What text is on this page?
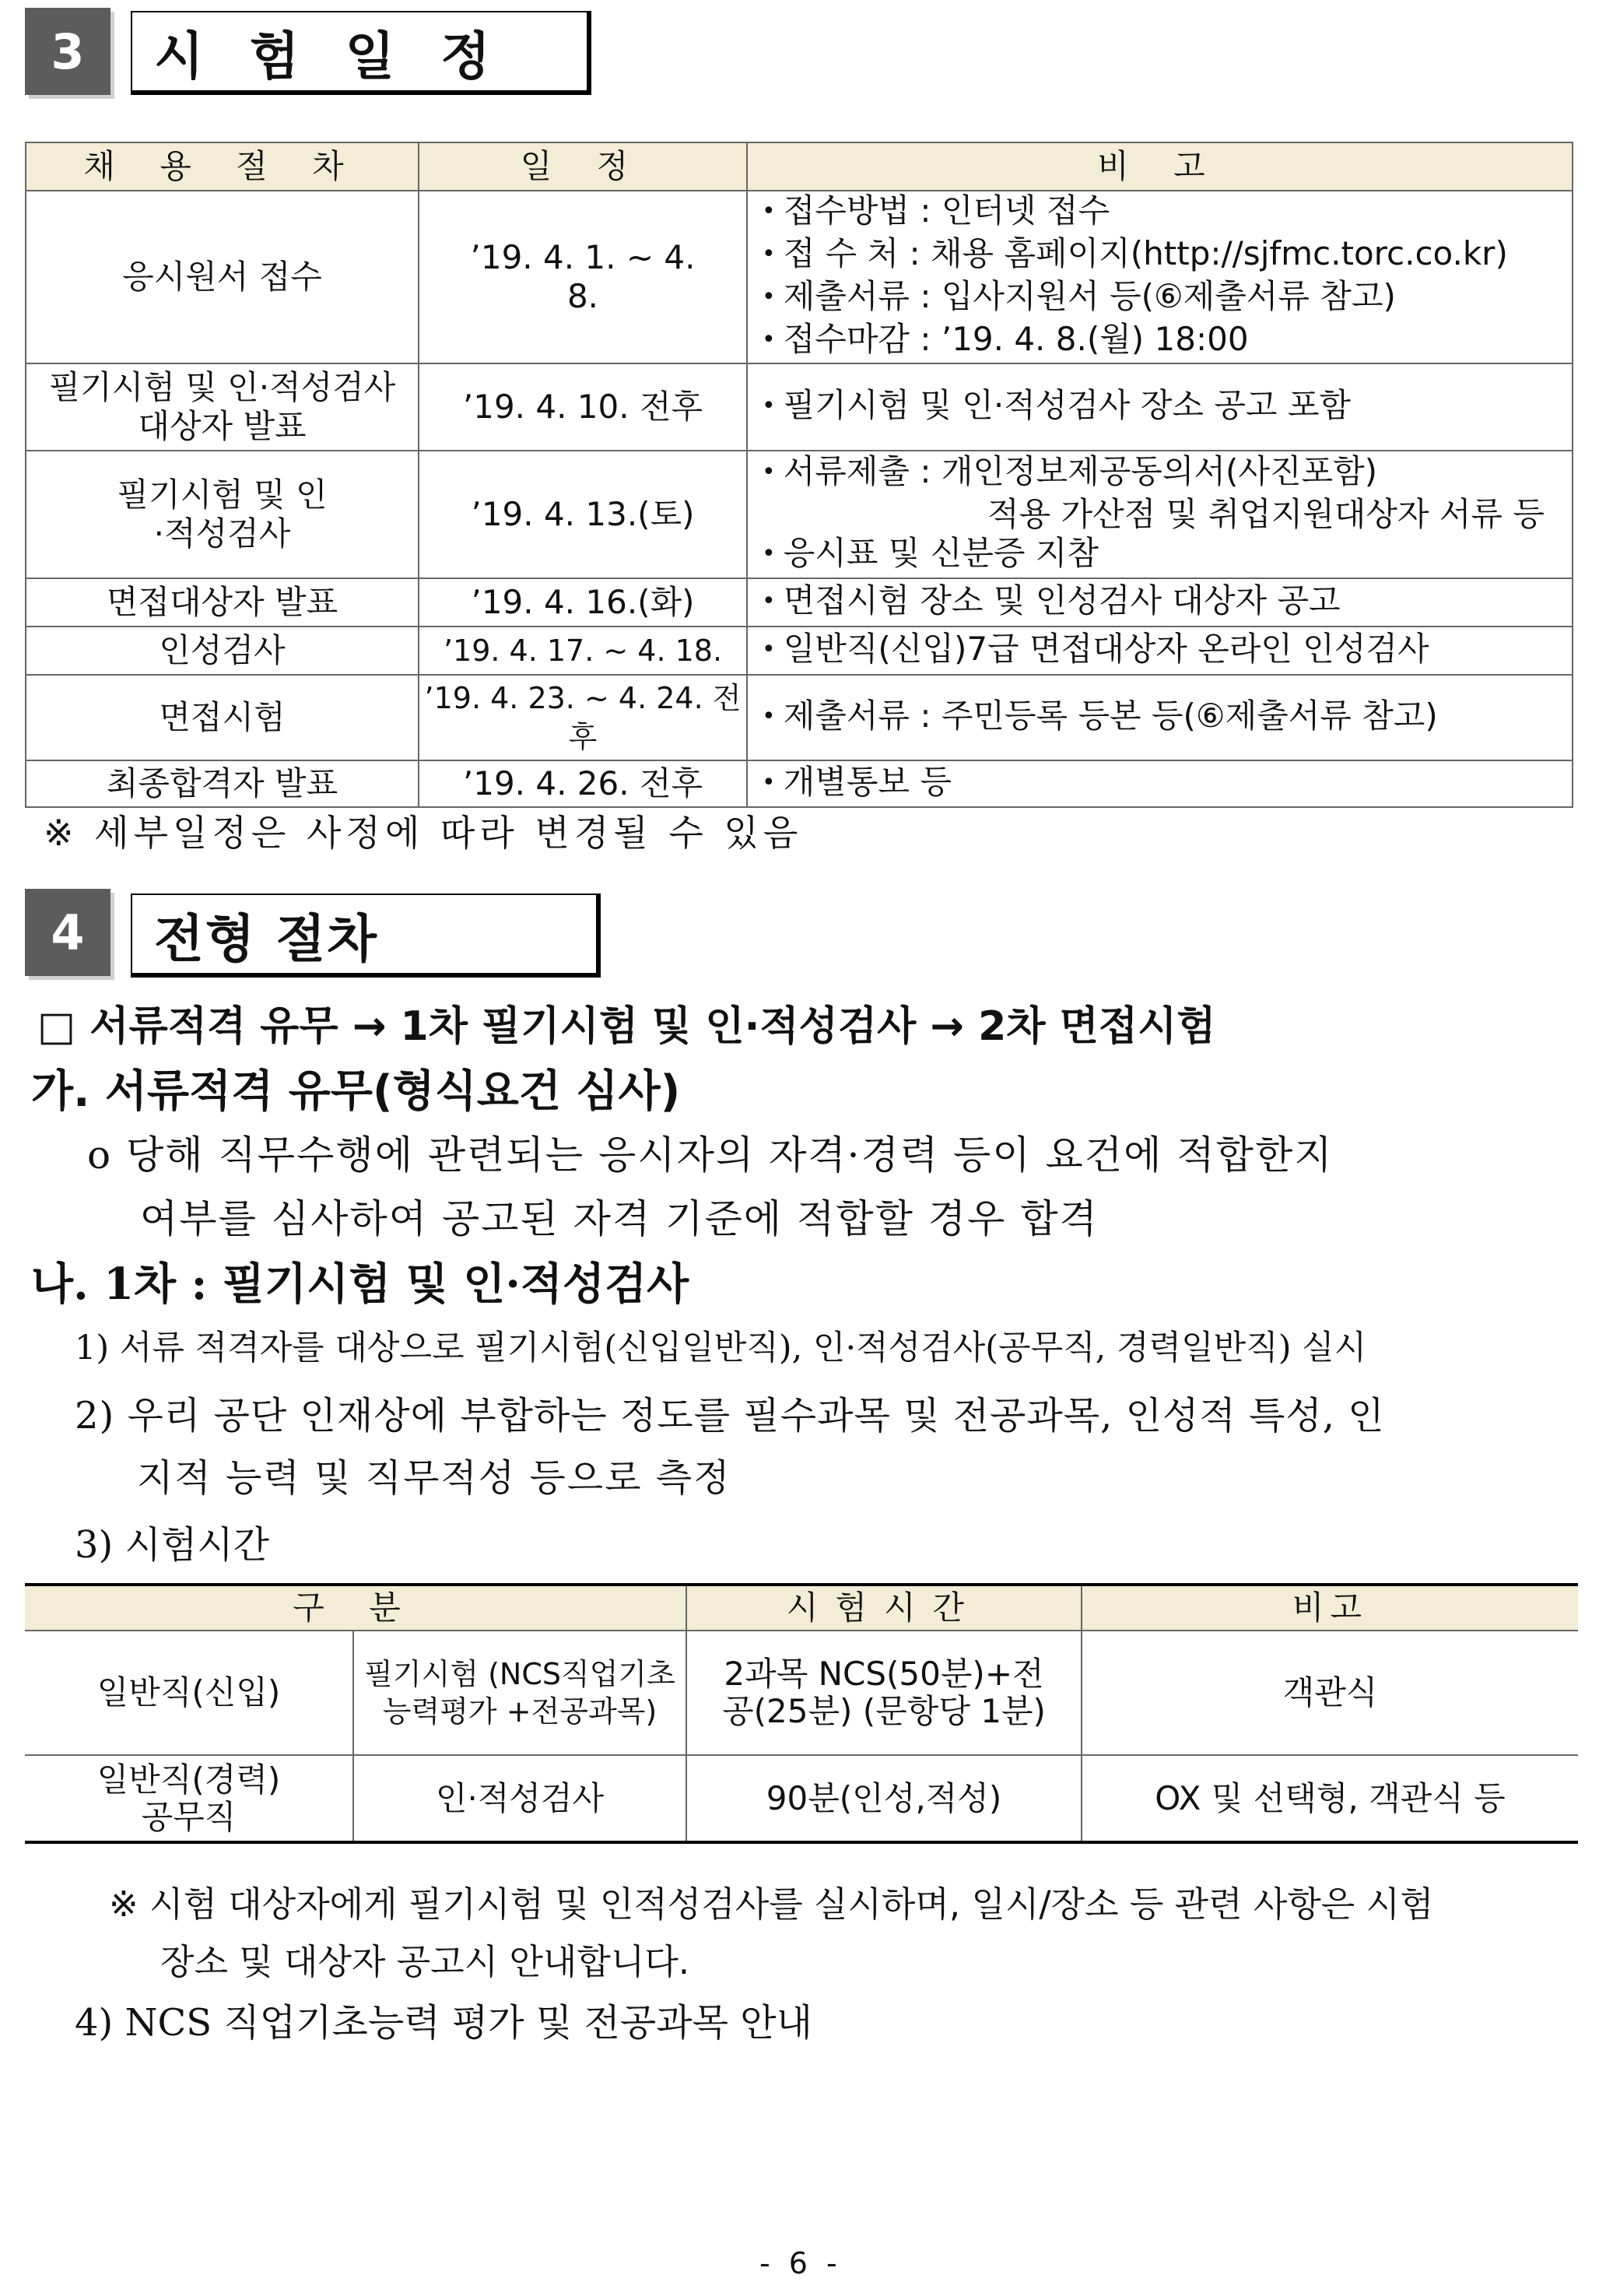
3	시 험 일 정
채 용 절 차	일 정	비 고
응시원서 접수	’19. 4. 1. ~ 4. 8.	• 접수방법 : 인터넷 접수
• 접 수 처 : 채용 홈페이지(http://sjfmc.torc.co.kr)
• 제출서류 : 입사지원서 등(⑥제출서류 참고)
• 접수마감 : ’19. 4. 8.(월) 18:00

필기시험 및 인·적성검사 대상자 발표	’19. 4. 10. 전후	• 필기시험 및 인·적성검사 장소 공고 포함

필기시험 및 인·적성검사	’19. 4. 13.(토)	• 서류제출 : 개인정보제공동의서(사진포함)
적용 가산점 및 취업지원대상자 서류 등
• 응시표 및 신분증 지참

면접대상자 발표	’19. 4. 16.(화)	• 면접시험 장소 및 인성검사 대상자 공고

인성검사	’19. 4. 17. ~ 4. 18.	• 일반직(신입)7급 면접대상자 온라인 인성검사

면접시험	’19. 4. 23. ~ 4. 24. 전후	• 제출서류 : 주민등록 등본 등(⑥제출서류 참고)

최종합격자 발표	’19. 4. 26. 전후	• 개별통보 등
※ 세부일정은 사정에 따라 변경될 수 있음
4	전형 절차
□ 서류적격 유무 → 1차 필기시험 및 인·적성검사 → 2차 면접시험
가. 서류적격 유무(형식요건 심사)
o 당해 직무수행에 관련되는 응시자의 자격·경력 등이 요건에 적합한지
여부를 심사하여 공고된 자격 기준에 적합할 경우 합격
나. 1차 : 필기시험 및 인·적성검사
1) 서류 적격자를 대상으로 필기시험(신입일반직), 인·적성검사(공무직, 경력일반직) 실시
2) 우리 공단 인재상에 부합하는 정도를 필수과목 및 전공과목, 인성적 특성, 인
지적 능력 및 직무적성 등으로 측정
3) 시험시간
구 분		시험시간	비고
일반직(신입)	필기시험 (NCS직업기초능력평가 +전공과목)	2과목 NCS(50분)+전공(25분) (문항당 1분)	객관식
일반직(경력) 공무직	인·적성검사	90분(인성,적성)	OX 및 선택형, 객관식 등
※ 시험 대상자에게 필기시험 및 인적성검사를 실시하며, 일시/장소 등 관련 사항은 시험
장소 및 대상자 공고시 안내합니다.
4) NCS 직업기초능력 평가 및 전공과목 안내
- 6 -
